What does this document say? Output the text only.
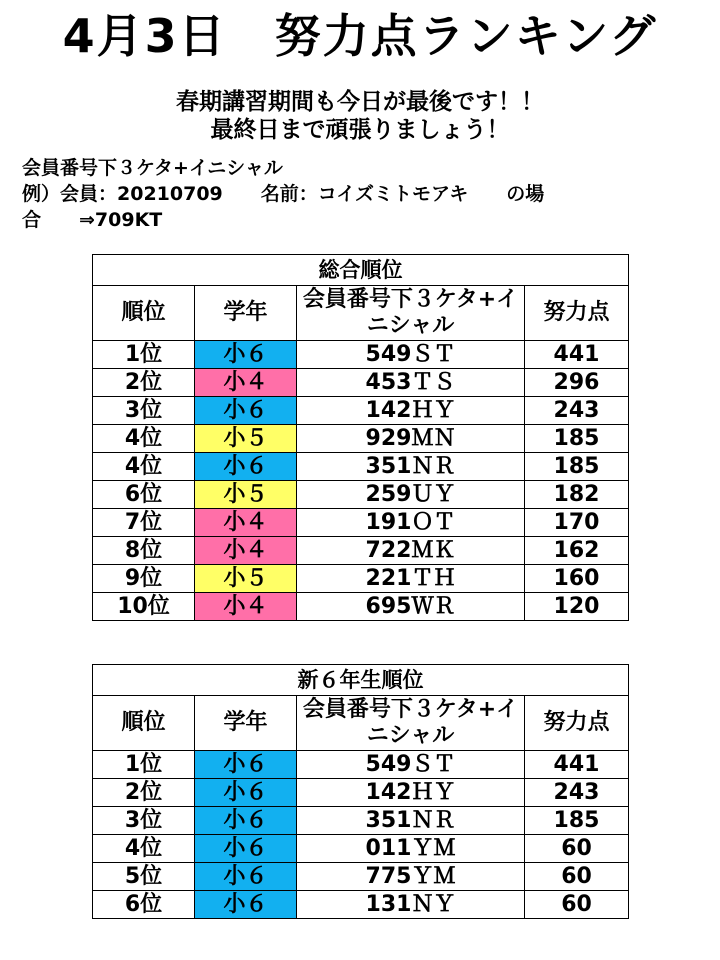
4月3日　努力点ランキング
春期講習期間も今日が最後です！！
最終日まで頑張りましょう！
会員番号下３ケタ+イニシャル
例）会員：20210709　　名前：コイズミトモアキ　　の場
合　　⇒709KT
総合順位			
順位	学年	会員番号下３ケタ+イニシャル	努力点
1位	小６	549ＳＴ	441
2位	小４	453ＴＳ	296
3位	小６	142ＨＹ	243
4位	小５	929ＭＮ	185
4位	小６	351ＮＲ	185
6位	小５	259ＵＹ	182
7位	小４	191ＯＴ	170
8位	小４	722ＭＫ	162
9位	小５	221ＴＨ	160
10位	小４	695ＷＲ	120
新６年生順位			
順位	学年	会員番号下３ケタ+イニシャル	努力点
1位	小６	549ＳＴ	441
2位	小６	142ＨＹ	243
3位	小６	351ＮＲ	185
4位	小６	011ＹＭ	60
5位	小６	775ＹＭ	60
6位	小６	131ＮＹ	60
